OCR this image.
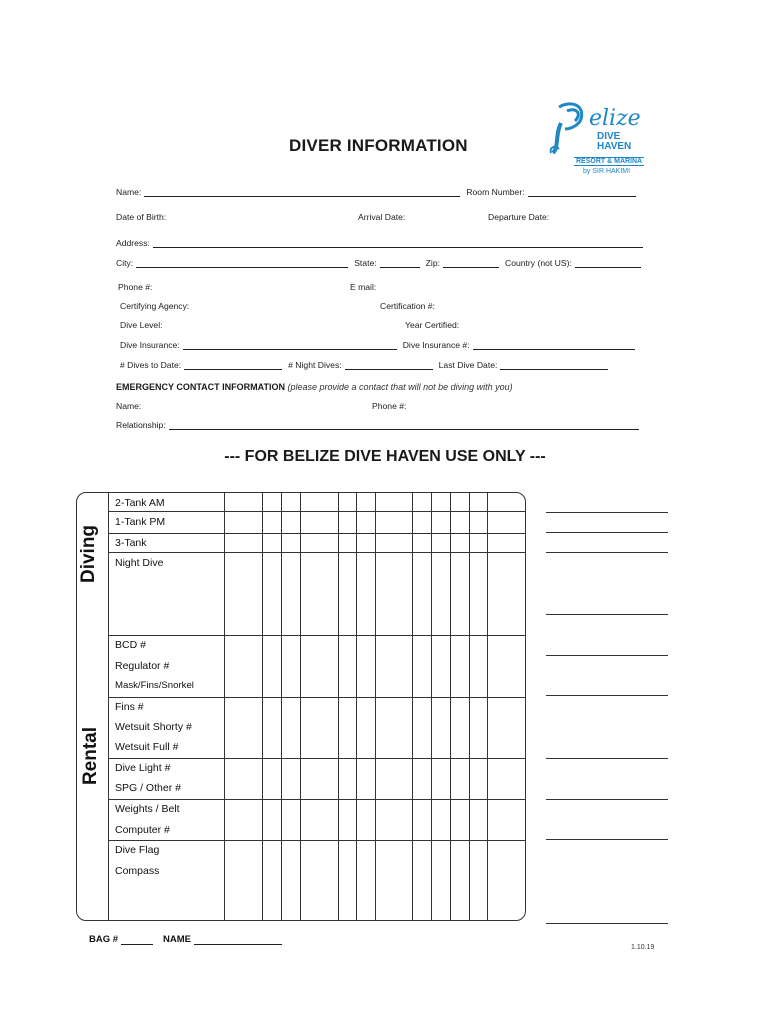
DIVER INFORMATION
elize
DIVE
HAVEN
RESORT & MARINA
by SIR HAKIMI
Name:	Room Number:
Date of Birth:	Arrival Date:	Departure Date:
Address:
City:	State:	Zip:	Country (not US):
Phone #:	E mail:
Certifying Agency:	Certification #:
Dive Level:	Year Certified:
Dive Insurance:	Dive Insurance #:
# Dives to Date:	# Night Dives:	Last Dive Date:
EMERGENCY CONTACT INFORMATION (please provide a contact that will not be diving with you)
Name:	Phone #:
Relationship:
--- FOR BELIZE DIVE HAVEN USE ONLY ---
Diving
Rental
2-Tank AM
1-Tank PM
3-Tank
Night Dive
BCD #
Regulator #
Mask/Fins/Snorkel
Fins #
Wetsuit Shorty #
Wetsuit Full #
Dive Light #
SPG / Other #
Weights / Belt
Computer #
Dive Flag
Compass
BAG #	NAME
1.10.19
